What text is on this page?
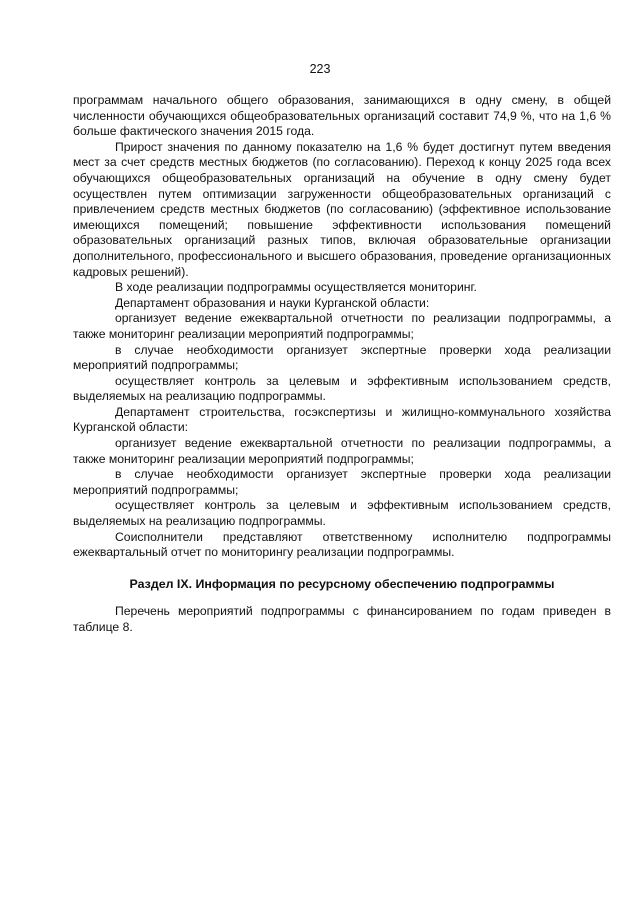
223

программам начального общего образования, занимающихся в одну смену, в общей численности обучающихся общеобразовательных организаций составит 74,9 %, что на 1,6 % больше фактического значения 2015 года.

Прирост значения по данному показателю на 1,6 % будет достигнут путем введения мест за счет средств местных бюджетов (по согласованию). Переход к концу 2025 года всех обучающихся общеобразовательных организаций на обучение в одну смену будет осуществлен путем оптимизации загруженности общеобразовательных организаций с привлечением средств местных бюджетов (по согласованию) (эффективное использование имеющихся помещений; повышение эффективности использования помещений образовательных организаций разных типов, включая образовательные организации дополнительного, профессионального и высшего образования, проведение организационных кадровых решений).

В ходе реализации подпрограммы осуществляется мониторинг.

Департамент образования и науки Курганской области:

организует ведение ежеквартальной отчетности по реализации подпрограммы, а также мониторинг реализации мероприятий подпрограммы;

в случае необходимости организует экспертные проверки хода реализации мероприятий подпрограммы;

осуществляет контроль за целевым и эффективным использованием средств, выделяемых на реализацию подпрограммы.

Департамент строительства, госэкспертизы и жилищно-коммунального хозяйства Курганской области:

организует ведение ежеквартальной отчетности по реализации подпрограммы, а также мониторинг реализации мероприятий подпрограммы;

в случае необходимости организует экспертные проверки хода реализации мероприятий подпрограммы;

осуществляет контроль за целевым и эффективным использованием средств, выделяемых на реализацию подпрограммы.

Соисполнители представляют ответственному исполнителю подпрограммы ежеквартальный отчет по мониторингу реализации подпрограммы.

Раздел IX. Информация по ресурсному обеспечению подпрограммы

Перечень мероприятий подпрограммы с финансированием по годам приведен в таблице 8.
